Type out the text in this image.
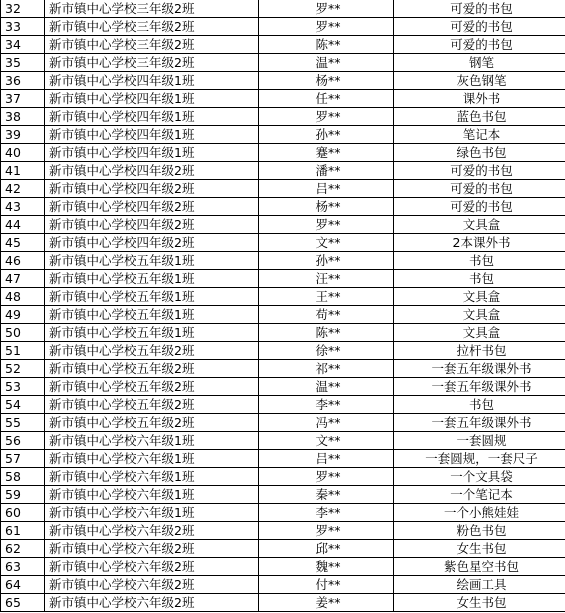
32	新市镇中心学校三年级2班	罗**	可爱的书包
33	新市镇中心学校三年级2班	罗**	可爱的书包
34	新市镇中心学校三年级2班	陈**	可爱的书包
35	新市镇中心学校三年级2班	温**	钢笔
36	新市镇中心学校四年级1班	杨**	灰色钢笔
37	新市镇中心学校四年级1班	任**	课外书
38	新市镇中心学校四年级1班	罗**	蓝色书包
39	新市镇中心学校四年级1班	孙**	笔记本
40	新市镇中心学校四年级1班	蹇**	绿色书包
41	新市镇中心学校四年级2班	潘**	可爱的书包
42	新市镇中心学校四年级2班	吕**	可爱的书包
43	新市镇中心学校四年级2班	杨**	可爱的书包
44	新市镇中心学校四年级2班	罗**	文具盒
45	新市镇中心学校四年级2班	文**	2本课外书
46	新市镇中心学校五年级1班	孙**	书包
47	新市镇中心学校五年级1班	汪**	书包
48	新市镇中心学校五年级1班	王**	文具盒
49	新市镇中心学校五年级1班	苟**	文具盒
50	新市镇中心学校五年级1班	陈**	文具盒
51	新市镇中心学校五年级2班	徐**	拉杆书包
52	新市镇中心学校五年级2班	祁**	一套五年级课外书
53	新市镇中心学校五年级2班	温**	一套五年级课外书
54	新市镇中心学校五年级2班	李**	书包
55	新市镇中心学校五年级2班	冯**	一套五年级课外书
56	新市镇中心学校六年级1班	文**	一套圆规
57	新市镇中心学校六年级1班	吕**	一套圆规，一套尺子
58	新市镇中心学校六年级1班	罗**	一个文具袋
59	新市镇中心学校六年级1班	秦**	一个笔记本
60	新市镇中心学校六年级1班	李**	一个小熊娃娃
61	新市镇中心学校六年级2班	罗**	粉色书包
62	新市镇中心学校六年级2班	邱**	女生书包
63	新市镇中心学校六年级2班	魏**	紫色星空书包
64	新市镇中心学校六年级2班	付**	绘画工具
65	新市镇中心学校六年级2班	姜**	女生书包
